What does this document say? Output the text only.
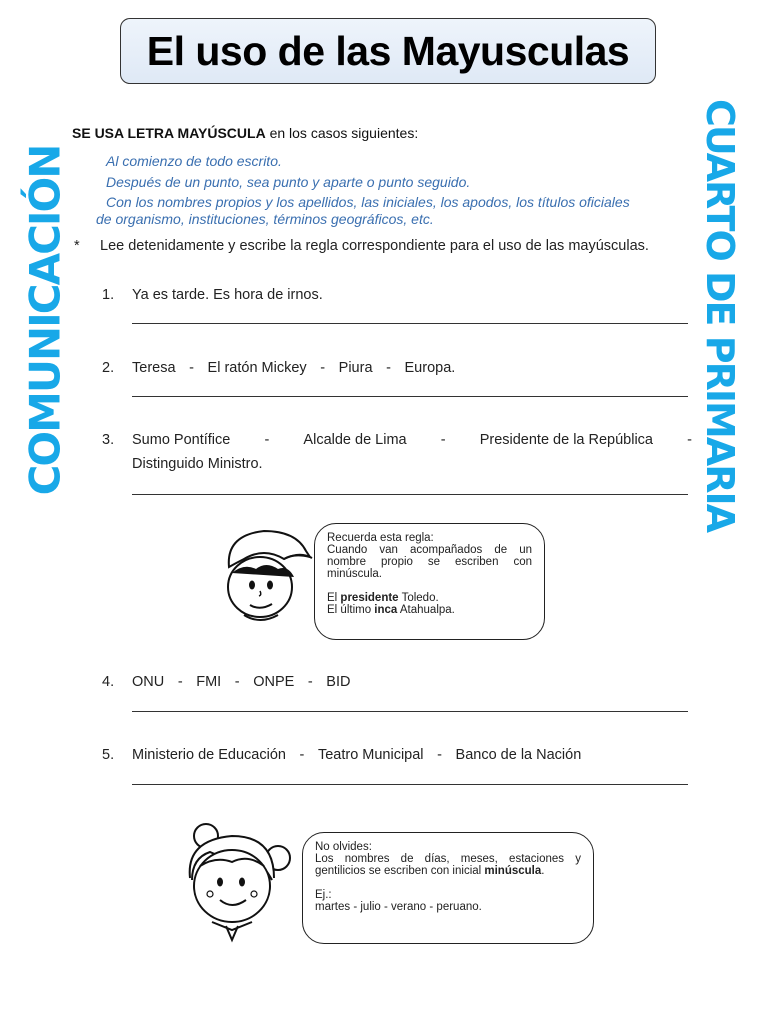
El uso de las Mayusculas
COMUNICACIÓN	CUARTO DE PRIMARIA
SE USA LETRA MAYÚSCULA en los casos siguientes:
Al comienzo de todo escrito.
Después de un punto, sea punto y aparte o punto seguido.
Con los nombres propios y los apellidos, las iniciales, los apodos, los títulos oficiales
de organismo, instituciones, términos geográficos, etc.
* Lee detenidamente y escribe la regla correspondiente para el uso de las mayúsculas.
1. Ya es tarde. Es hora de irnos.
2. Teresa - El ratón Mickey - Piura - Europa.
3. Sumo Pontífice - Alcalde de Lima - Presidente de la República -
Distinguido Ministro.

Recuerda esta regla:

Cuando van acompañados de un nombre propio se escriben con minúscula.

El presidente Toledo.

El último inca Atahualpa.

4. ONU - FMI - ONPE - BID
5. Ministerio de Educación - Teatro Municipal - Banco de la Nación

No olvides:

Los nombres de días, meses, estaciones y gentilicios se escriben con inicial minúscula.

Ej.:

martes - julio - verano - peruano.
